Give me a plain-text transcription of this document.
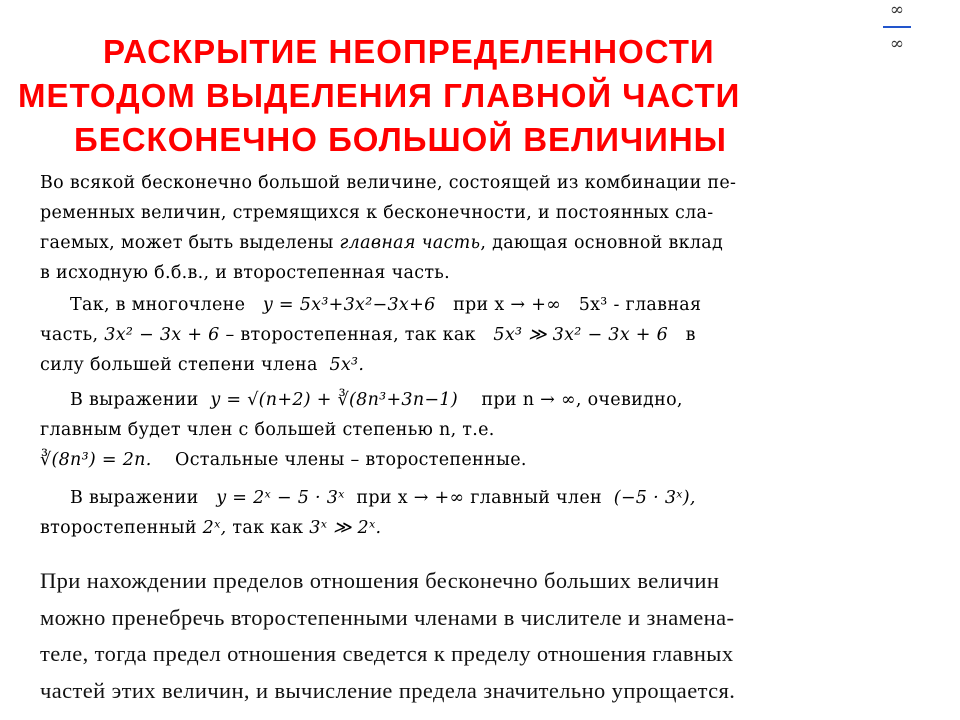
РАСКРЫТИЕ НЕОПРЕДЕЛЕННОСТИ
МЕТОДОМ ВЫДЕЛЕНИЯ ГЛАВНОЙ ЧАСТИ
БЕСКОНЕЧНО БОЛЬШОЙ ВЕЛИЧИНЫ
∞
∞
Во всякой бесконечно большой величине, состоящей из комбинации пе-
ременных величин, стремящихся к бесконечности, и постоянных сла-
гаемых, может быть выделены главная часть, дающая основной вклад
в исходную б.б.в., и второстепенная часть.
Так, в многочлене y = 5x³+3x²−3x+6 при x → +∞ 5x³ - главная
часть, 3x² − 3x + 6 – второстепенная, так как 5x³ ≫ 3x² − 3x + 6 в
силу большей степени члена 5x³.
В выражении y = √(n+2) + ∛(8n³+3n−1) при n → ∞, очевидно,
главным будет член с большей степенью n, т.е.
∛(8n³) = 2n. Остальные члены – второстепенные.
В выражении y = 2ˣ − 5 · 3ˣ при x → +∞ главный член (−5 · 3ˣ),
второстепенный 2ˣ, так как 3ˣ ≫ 2ˣ.
При нахождении пределов отношения бесконечно больших величин
можно пренебречь второстепенными членами в числителе и знамена-
теле, тогда предел отношения сведется к пределу отношения главных
частей этих величин, и вычисление предела значительно упрощается.
